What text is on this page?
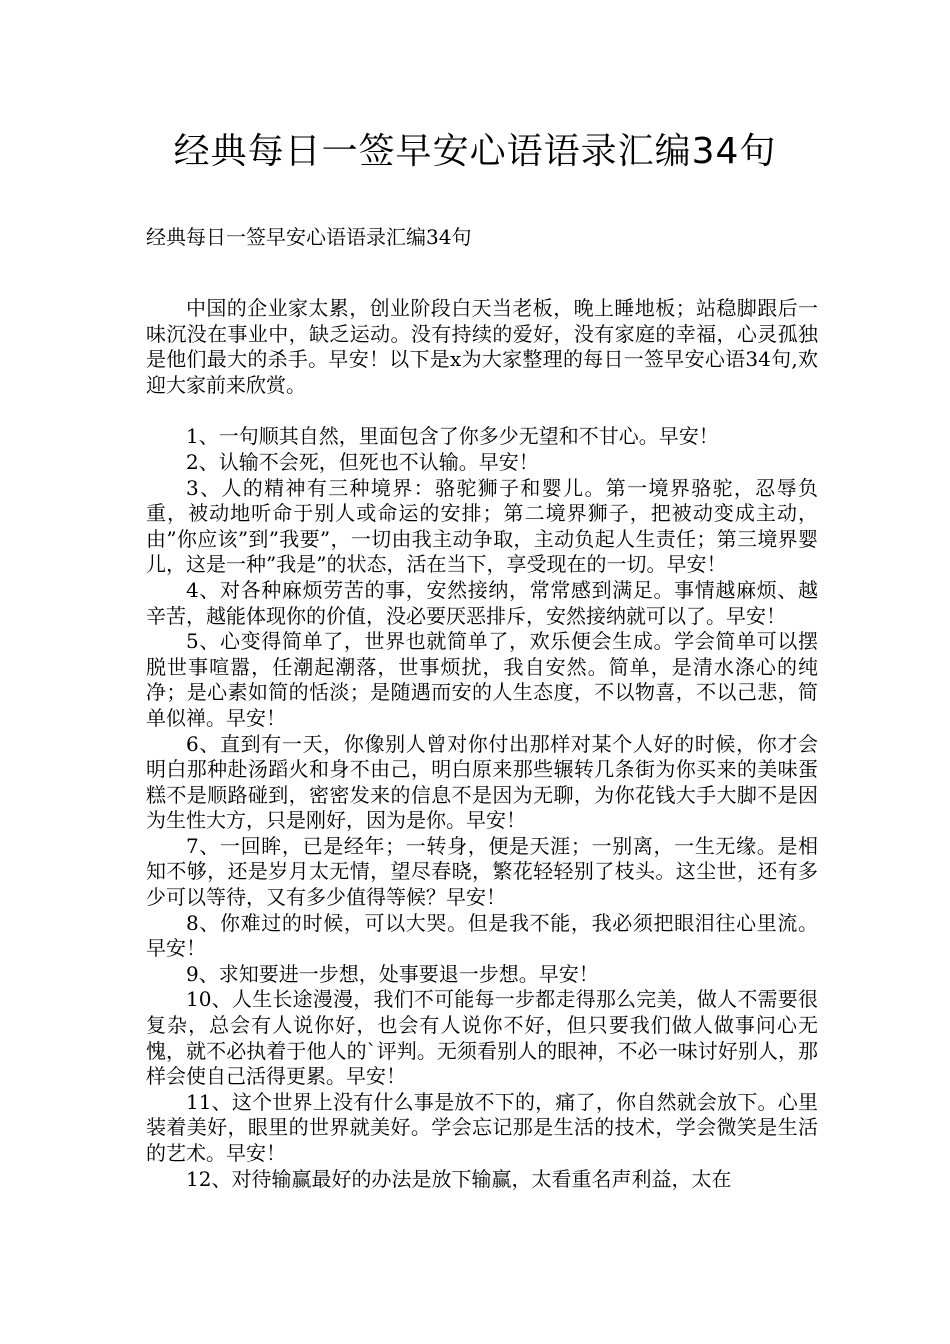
经典每日一签早安心语语录汇编34句

经典每日一签早安心语语录汇编34句

中国的企业家太累，创业阶段白天当老板，晚上睡地板；站稳脚跟后一味沉没在事业中，缺乏运动。没有持续的爱好，没有家庭的幸福，心灵孤独是他们最大的杀手。早安！以下是x为大家整理的每日一签早安心语34句,欢迎大家前来欣赏。

1、一句顺其自然，里面包含了你多少无望和不甘心。早安！

2、认输不会死，但死也不认输。早安！

3、人的精神有三种境界：骆驼狮子和婴儿。第一境界骆驼，忍辱负重，被动地听命于别人或命运的安排；第二境界狮子，把被动变成主动，由”你应该”到”我要”，一切由我主动争取，主动负起人生责任；第三境界婴儿，这是一种”我是”的状态，活在当下，享受现在的一切。早安！

4、对各种麻烦劳苦的事，安然接纳，常常感到满足。事情越麻烦、越辛苦，越能体现你的价值，没必要厌恶排斥，安然接纳就可以了。早安！

5、心变得简单了，世界也就简单了，欢乐便会生成。学会简单可以摆脱世事喧嚣，任潮起潮落，世事烦扰，我自安然。简单，是清水涤心的纯净；是心素如简的恬淡；是随遇而安的人生态度，不以物喜，不以己悲，简单似禅。早安！

6、直到有一天，你像别人曾对你付出那样对某个人好的时候，你才会明白那种赴汤蹈火和身不由己，明白原来那些辗转几条街为你买来的美味蛋糕不是顺路碰到，密密发来的信息不是因为无聊，为你花钱大手大脚不是因为生性大方，只是刚好，因为是你。早安！

7、一回眸，已是经年；一转身，便是天涯；一别离，一生无缘。是相知不够，还是岁月太无情，望尽春晓，繁花轻轻别了枝头。这尘世，还有多少可以等待，又有多少值得等候？早安！

8、你难过的时候，可以大哭。但是我不能，我必须把眼泪往心里流。早安！

9、求知要进一步想，处事要退一步想。早安！

10、人生长途漫漫，我们不可能每一步都走得那么完美，做人不需要很复杂，总会有人说你好，也会有人说你不好，但只要我们做人做事问心无愧，就不必执着于他人的`评判。无须看别人的眼神，不必一味讨好别人，那样会使自己活得更累。早安！

11、这个世界上没有什么事是放不下的，痛了，你自然就会放下。心里装着美好，眼里的世界就美好。学会忘记那是生活的技术，学会微笑是生活的艺术。早安！

12、对待输赢最好的办法是放下输赢，太看重名声利益，太在
